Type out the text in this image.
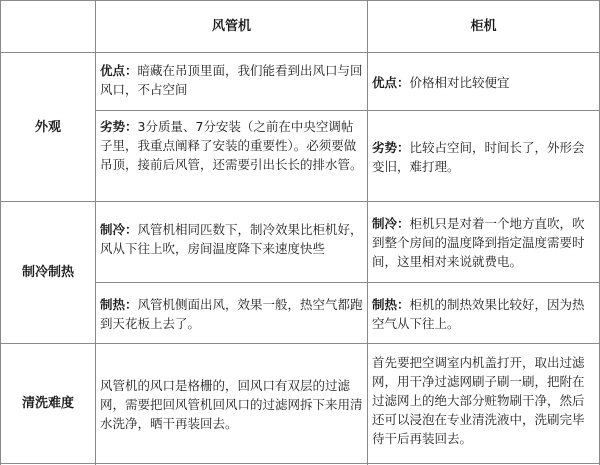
风管机	柜机
外观
优点：暗藏在吊顶里面，我们能看到出风口与回风口，不占空间	优点：价格相对比较便宜
劣势：3分质量、7分安装（之前在中央空调帖子里，我重点阐释了安装的重要性）。必须要做吊顶，接前后风管，还需要引出长长的排水管。
劣势：比较占空间，时间长了，外形会变旧，难打理。
制冷制热
制冷：风管机相同匹数下，制冷效果比柜机好，风从下往上吹，房间温度降下来速度快些
制冷：柜机只是对着一个地方直吹，吹到整个房间的温度降到指定温度需要时间，这里相对来说就费电。
制热：风管机侧面出风，效果一般，热空气都跑到天花板上去了。
制热：柜机的制热效果比较好，因为热空气从下往上。
清洗难度
风管机的风口是格栅的，回风口有双层的过滤网，需要把回风管机回风口的过滤网拆下来用清水洗净，晒干再装回去。
首先要把空调室内机盖打开，取出过滤网，用干净过滤网刷子刷一刷，把附在过滤网上的绝大部分赃物刷干净，然后还可以浸泡在专业清洗液中，洗刷完毕待干后再装回去。
